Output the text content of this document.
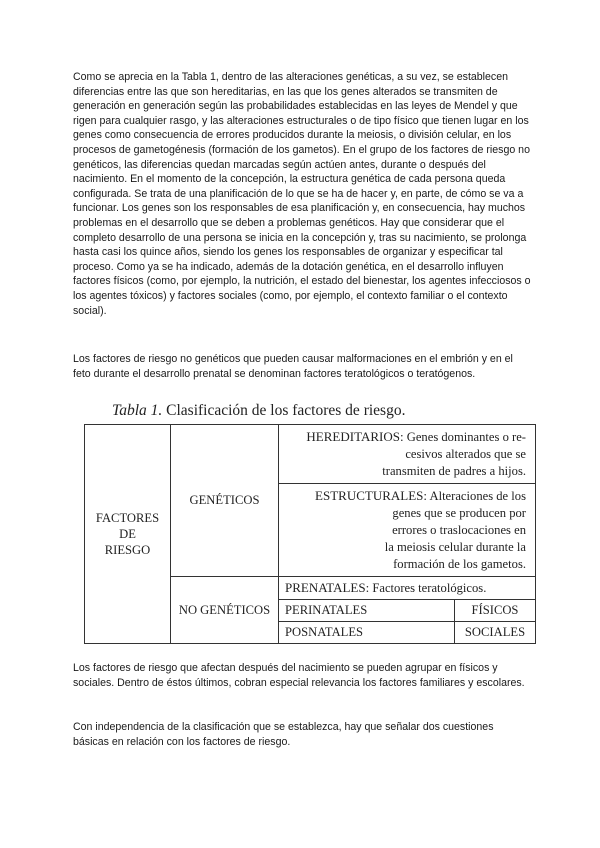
Como se aprecia en la Tabla 1, dentro de las alteraciones genéticas, a su vez, se establecen diferencias entre las que son hereditarias, en las que los genes alterados se transmiten de generación en generación según las probabilidades establecidas en las leyes de Mendel y que rigen para cualquier rasgo, y las alteraciones estructurales o de tipo físico que tienen lugar en los genes como consecuencia de errores producidos durante la meiosis, o división celular, en los procesos de gametogénesis (formación de los gametos). En el grupo de los factores de riesgo no genéticos, las diferencias quedan marcadas según actúen antes, durante o después del nacimiento. En el momento de la concepción, la estructura genética de cada persona queda configurada. Se trata de una planificación de lo que se ha de hacer y, en parte, de cómo se va a funcionar. Los genes son los responsables de esa planificación y, en consecuencia, hay muchos problemas en el desarrollo que se deben a problemas genéticos. Hay que considerar que el completo desarrollo de una persona se inicia en la concepción y, tras su nacimiento, se prolonga hasta casi los quince años, siendo los genes los responsables de organizar y especificar tal proceso. Como ya se ha indicado, además de la dotación genética, en el desarrollo influyen factores físicos (como, por ejemplo, la nutrición, el estado del bienestar, los agentes infecciosos o los agentes tóxicos) y factores sociales (como, por ejemplo, el contexto familiar o el contexto social).
Los factores de riesgo no genéticos que pueden causar malformaciones en el embrión y en el feto durante el desarrollo prenatal se denominan factores teratológicos o teratógenos.
Tabla 1. Clasificación de los factores de riesgo.
FACTORES
DE
RIESGO	GENÉTICOS	HEREDITARIOS: Genes dominantes o re-
cesivos alterados que se
transmiten de padres a hijos.	

		ESTRUCTURALES: Alteraciones de los
genes que se producen por
errores o traslocaciones en
la meiosis celular durante la
formación de los gametos.	

	NO GENÉTICOS	PRENATALES: Factores teratológicos.	
		PERINATALES	FÍSICOS
		POSNATALES	SOCIALES
Los factores de riesgo que afectan después del nacimiento se pueden agrupar en físicos y sociales. Dentro de éstos últimos, cobran especial relevancia los factores familiares y escolares.
Con independencia de la clasificación que se establezca, hay que señalar dos cuestiones básicas en relación con los factores de riesgo.
